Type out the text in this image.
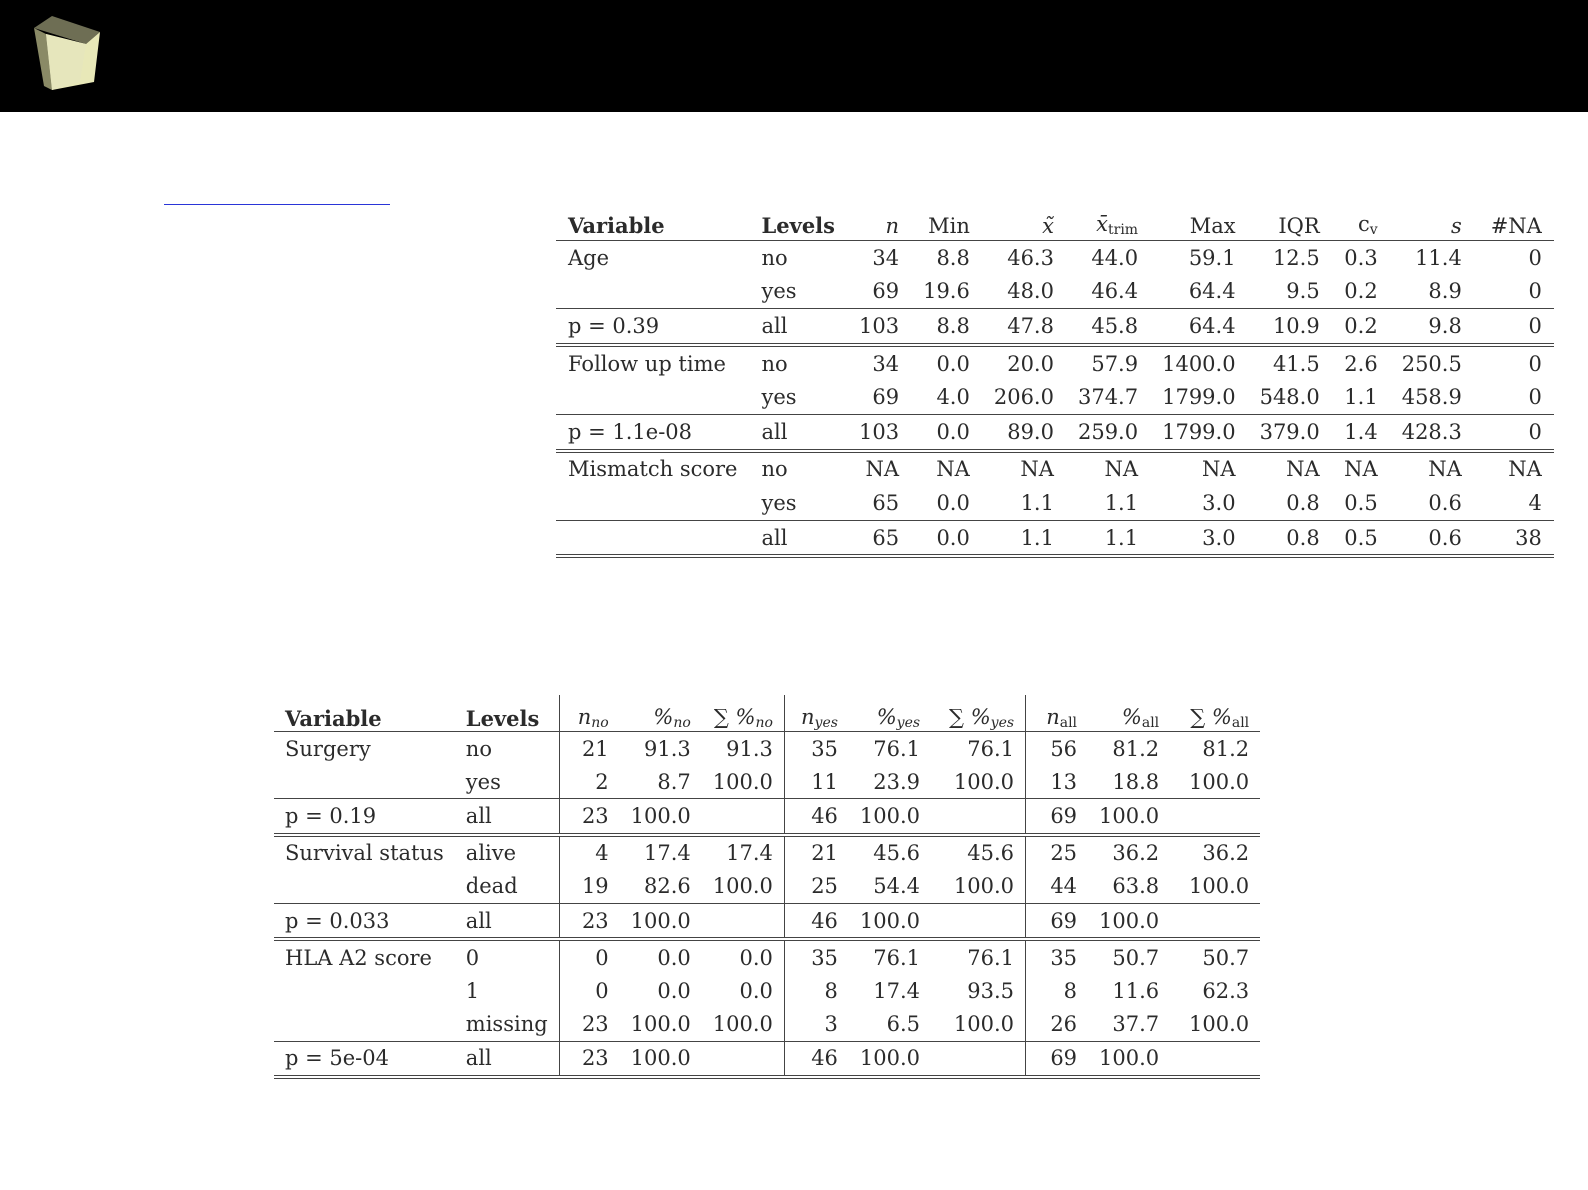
Variable	Levels	n	Min	x̃	x̄trim	Max	IQR	cv	s	#NA
Age	no	34	8.8	46.3	44.0	59.1	12.5	0.3	11.4	0
	yes	69	19.6	48.0	46.4	64.4	9.5	0.2	8.9	0
p = 0.39	all	103	8.8	47.8	45.8	64.4	10.9	0.2	9.8	0
Follow up time	no	34	0.0	20.0	57.9	1400.0	41.5	2.6	250.5	0
	yes	69	4.0	206.0	374.7	1799.0	548.0	1.1	458.9	0
p = 1.1e-08	all	103	0.0	89.0	259.0	1799.0	379.0	1.4	428.3	0
Mismatch score	no	NA	NA	NA	NA	NA	NA	NA	NA	NA
	yes	65	0.0	1.1	1.1	3.0	0.8	0.5	0.6	4
	all	65	0.0	1.1	1.1	3.0	0.8	0.5	0.6	38
Variable	Levels	$n_{no}$	$\%_{no}$	∑ $\%_{no}$	$n_{yes}$	$\%_{yes}$	∑ $\%_{yes}$	nall	%all	∑ %all
Surgery	no	21	91.3	91.3	35	76.1	76.1	56	81.2	81.2
	yes	2	8.7	100.0	11	23.9	100.0	13	18.8	100.0
p = 0.19	all	23	100.0		46	100.0		69	100.0	
Survival status	alive	4	17.4	17.4	21	45.6	45.6	25	36.2	36.2
	dead	19	82.6	100.0	25	54.4	100.0	44	63.8	100.0
p = 0.033	all	23	100.0		46	100.0		69	100.0	
HLA A2 score	0	0	0.0	0.0	35	76.1	76.1	35	50.7	50.7
	1	0	0.0	0.0	8	17.4	93.5	8	11.6	62.3
	missing	23	100.0	100.0	3	6.5	100.0	26	37.7	100.0
p = 5e-04	all	23	100.0		46	100.0		69	100.0	
